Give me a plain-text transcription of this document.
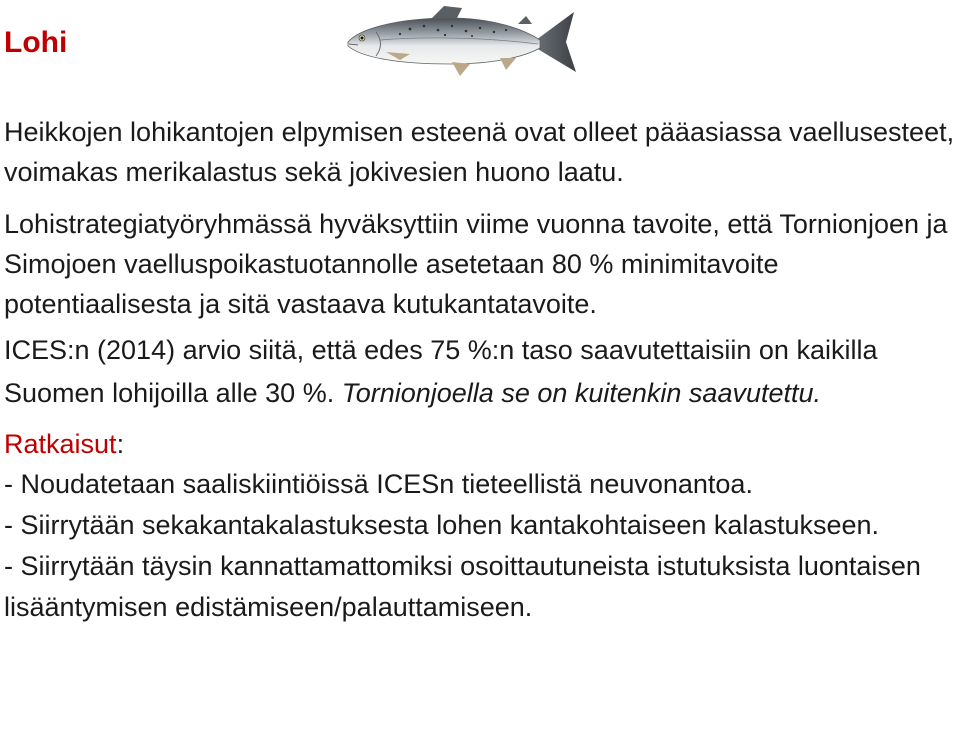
Lohi

Heikkojen lohikantojen elpymisen esteenä ovat olleet pääasiassa vaellusesteet, voimakas merikalastus sekä jokivesien huono laatu.

Lohistrategiatyöryhmässä hyväksyttiin viime vuonna tavoite, että Tornionjoen ja Simojoen vaelluspoikastuotannolle asetetaan 80 % minimitavoite potentiaalisesta ja sitä vastaava kutukantatavoite.

ICES:n (2014) arvio siitä, että edes 75 %:n taso saavutettaisiin on kaikilla Suomen lohijoilla alle 30 %. Tornionjoella se on kuitenkin saavutettu.

Ratkaisut:
- Noudatetaan saaliskiintiöissä ICESn tieteellistä neuvonantoa.
- Siirrytään sekakantakalastuksesta lohen kantakohtaiseen kalastukseen.
- Siirrytään täysin kannattamattomiksi osoittautuneista istutuksista luontaisen lisääntymisen edistämiseen/palauttamiseen.
